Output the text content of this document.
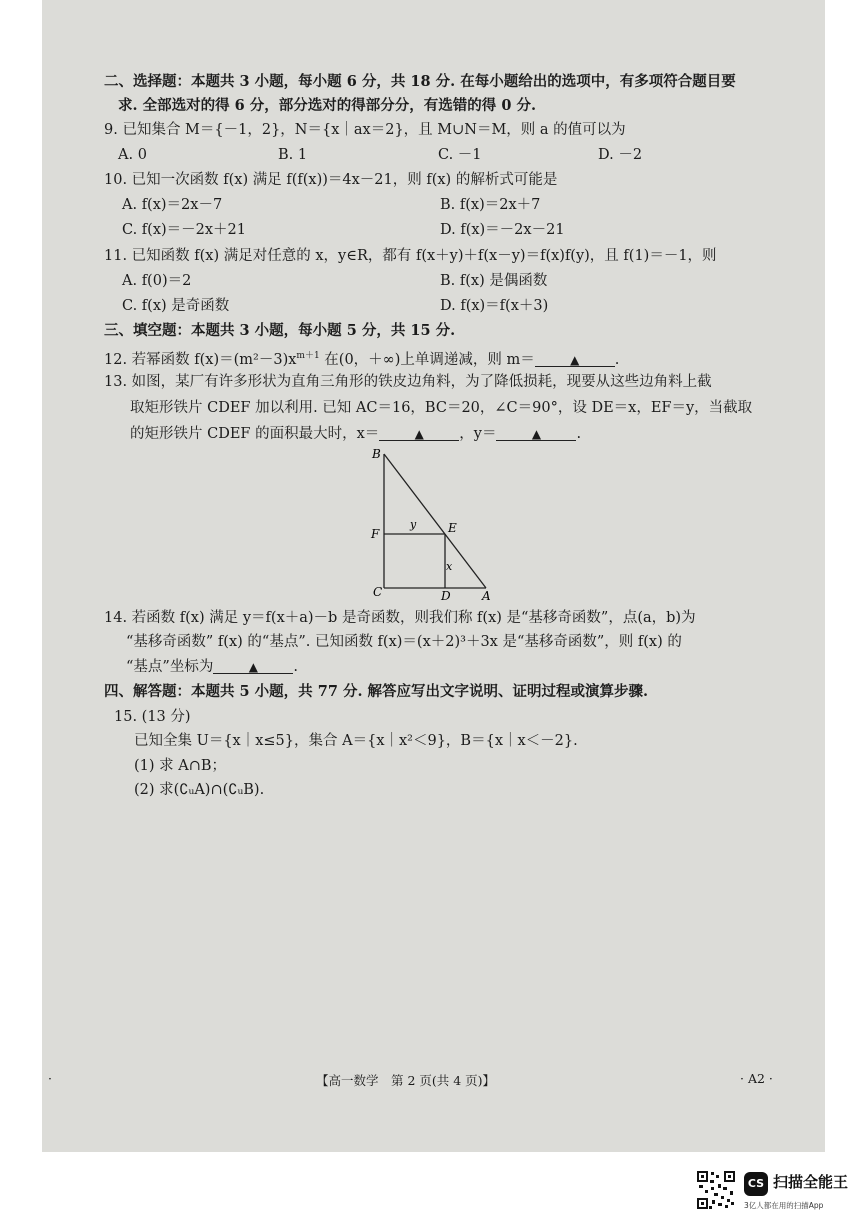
二、选择题：本题共 3 小题，每小题 6 分，共 18 分. 在每小题给出的选项中，有多项符合题目要
求. 全部选对的得 6 分，部分选对的得部分分，有选错的得 0 分.
9. 已知集合 M＝{－1，2}，N＝{x｜ax＝2}，且 M∪N＝M，则 a 的值可以为
A. 0	B. 1	C. －1	D. －2
10. 已知一次函数 f(x) 满足 f(f(x))＝4x－21，则 f(x) 的解析式可能是
A. f(x)＝2x－7	B. f(x)＝2x＋7
C. f(x)＝－2x＋21	D. f(x)＝－2x－21
11. 已知函数 f(x) 满足对任意的 x，y∈R，都有 f(x＋y)＋f(x－y)＝f(x)f(y)，且 f(1)＝－1，则
A. f(0)＝2	B. f(x) 是偶函数
C. f(x) 是奇函数	D. f(x)＝f(x＋3)
三、填空题：本题共 3 小题，每小题 5 分，共 15 分.
12. 若幂函数 $f(x)=(m^2-3)x^{m+1}$ 在(0，＋∞)上单调递减，则 m＝	▲ .
13. 如图，某厂有许多形状为直角三角形的铁皮边角料，为了降低损耗，现要从这些边角料上截
取矩形铁片 CDEF 加以利用. 已知 AC＝16，BC＝20，∠C＝90°，设 DE＝x，EF＝y，当截取
的矩形铁片 CDEF 的面积最大时，x＝	▲ ，y＝	▲ .
B
F	E
C	D	A
y
x
14. 若函数 f(x) 满足 y＝f(x＋a)－b 是奇函数，则我们称 f(x) 是“基移奇函数”，点(a，b)为
“基移奇函数” f(x) 的“基点”. 已知函数 f(x)＝(x＋2)³＋3x 是“基移奇函数”，则 f(x) 的
“基点”坐标为	▲ .
四、解答题：本题共 5 小题，共 77 分. 解答应写出文字说明、证明过程或演算步骤.
15. (13 分)
已知全集 U＝{x｜x≤5}，集合 A＝{x｜x²＜9}，B＝{x｜x＜－2}.
(1) 求 A∩B；
(2) 求(∁ᵤA)∩(∁ᵤB).
·	【高一数学　第 2 页(共 4 页)】	· A2 ·
CS 扫描全能王
3亿人都在用的扫描App
